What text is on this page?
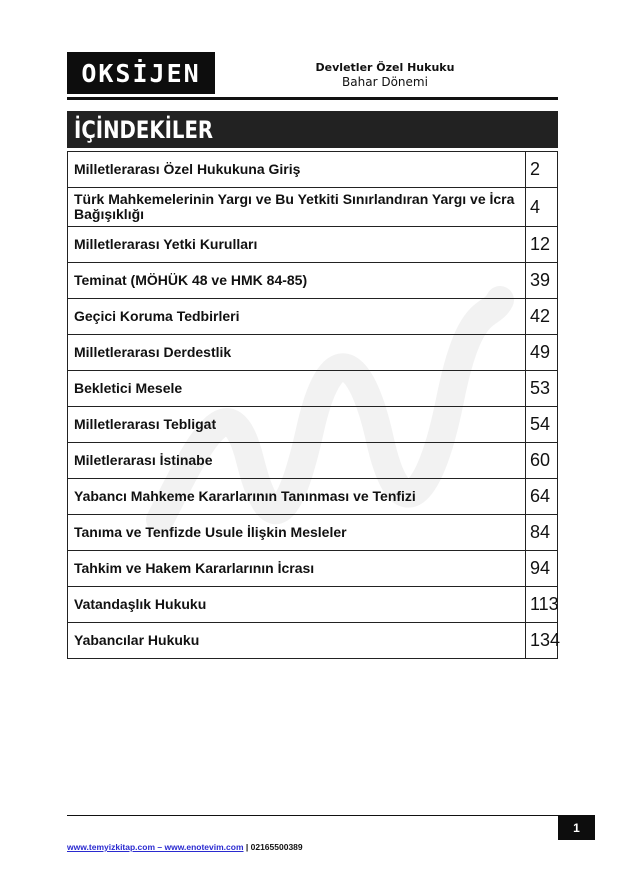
OKSİJEN	Devletler Özel Hukuku
Bahar Dönemi
İÇİNDEKİLER
Milletlerarası Özel Hukukuna Giriş	2
Türk Mahkemelerinin Yargı ve Bu Yetkiti Sınırlandıran Yargı ve İcra Bağışıklığı	4
Milletlerarası Yetki Kurulları	12
Teminat (MÖHÜK 48 ve HMK 84-85)	39
Geçici Koruma Tedbirleri	42
Milletlerarası Derdestlik	49
Bekletici Mesele	53
Milletlerarası Tebligat	54
Miletlerarası İstinabe	60
Yabancı Mahkeme Kararlarının Tanınması ve Tenfizi	64
Tanıma ve Tenfizde Usule İlişkin Mesleler	84
Tahkim ve Hakem Kararlarının İcrası	94
Vatandaşlık Hukuku	113
Yabancılar Hukuku	134
1
www.temyizkitap.com – www.enotevim.com | 02165500389
